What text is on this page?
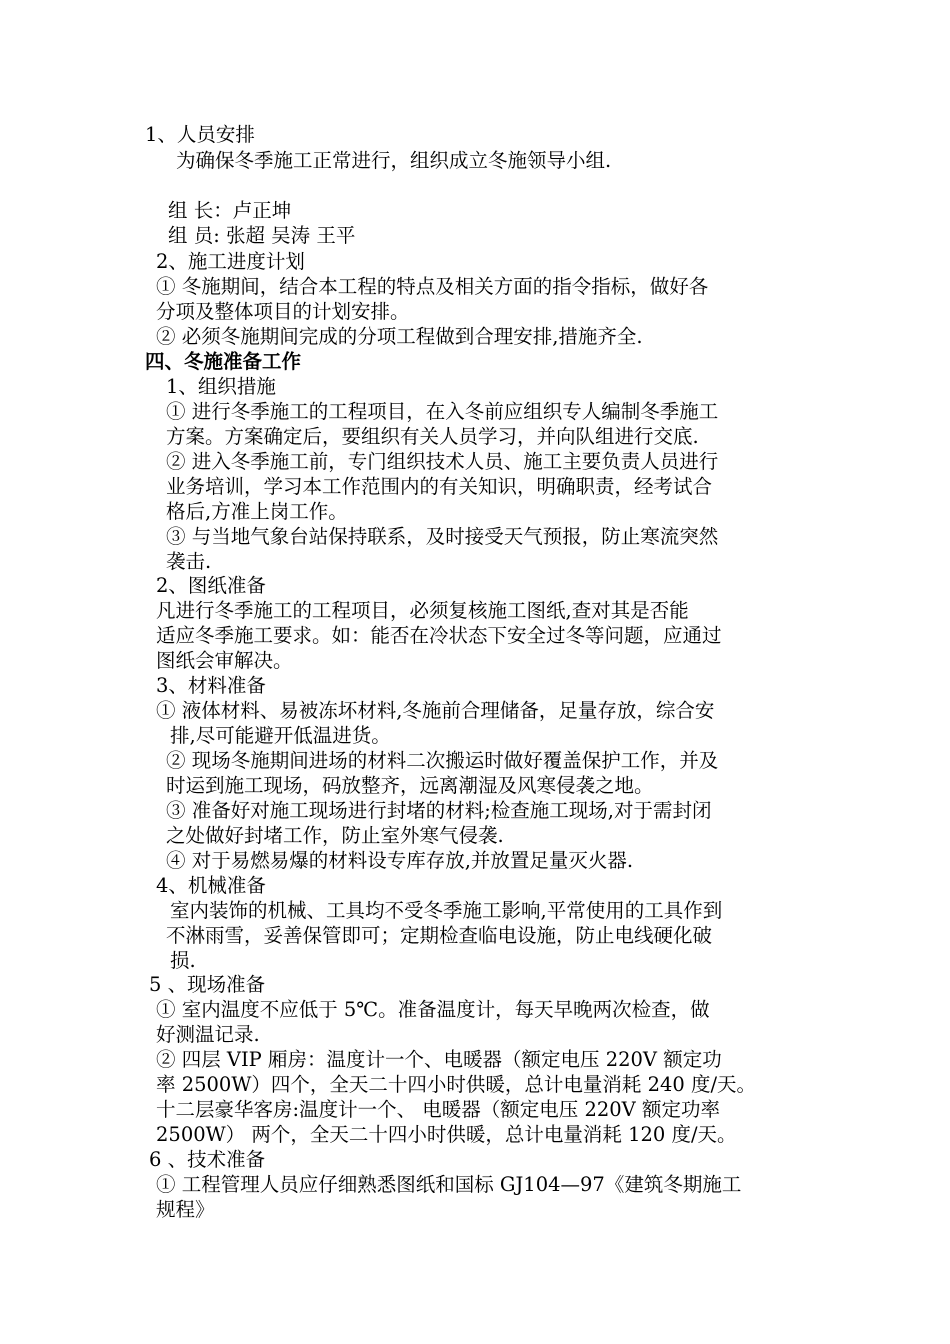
1、人员安排
为确保冬季施工正常进行，组织成立冬施领导小组.
组 长：卢正坤
组 员: 张超 吴涛 王平
2、施工进度计划
① 冬施期间，结合本工程的特点及相关方面的指令指标，做好各
分项及整体项目的计划安排。
② 必须冬施期间完成的分项工程做到合理安排,措施齐全.
四、冬施准备工作
1、组织措施
① 进行冬季施工的工程项目，在入冬前应组织专人编制冬季施工
方案。方案确定后，要组织有关人员学习，并向队组进行交底.
② 进入冬季施工前，专门组织技术人员、施工主要负责人员进行
业务培训，学习本工作范围内的有关知识，明确职责，经考试合
格后,方准上岗工作。
③ 与当地气象台站保持联系，及时接受天气预报，防止寒流突然
袭击.
2、图纸准备
凡进行冬季施工的工程项目，必须复核施工图纸,查对其是否能
适应冬季施工要求。如：能否在冷状态下安全过冬等问题，应通过
图纸会审解决。
3、材料准备
① 液体材料、易被冻坏材料,冬施前合理储备，足量存放，综合安
排,尽可能避开低温进货。
② 现场冬施期间进场的材料二次搬运时做好覆盖保护工作，并及
时运到施工现场，码放整齐，远离潮湿及风寒侵袭之地。
③ 准备好对施工现场进行封堵的材料;检查施工现场,对于需封闭
之处做好封堵工作，防止室外寒气侵袭.
④ 对于易燃易爆的材料设专库存放,并放置足量灭火器.
4、机械准备
室内装饰的机械、工具均不受冬季施工影响,平常使用的工具作到
不淋雨雪，妥善保管即可；定期检查临电设施，防止电线硬化破
损.
5 、现场准备
① 室内温度不应低于 5℃。准备温度计，每天早晚两次检查，做
好测温记录.
② 四层 VIP 厢房：温度计一个、电暖器（额定电压 220V 额定功
率 2500W）四个，全天二十四小时供暖，总计电量消耗 240 度/天。
十二层豪华客房:温度计一个、 电暖器（额定电压 220V 额定功率
2500W） 两个，全天二十四小时供暖，总计电量消耗 120 度/天。
6 、技术准备
① 工程管理人员应仔细熟悉图纸和国标 GJ104—97《建筑冬期施工
规程》
